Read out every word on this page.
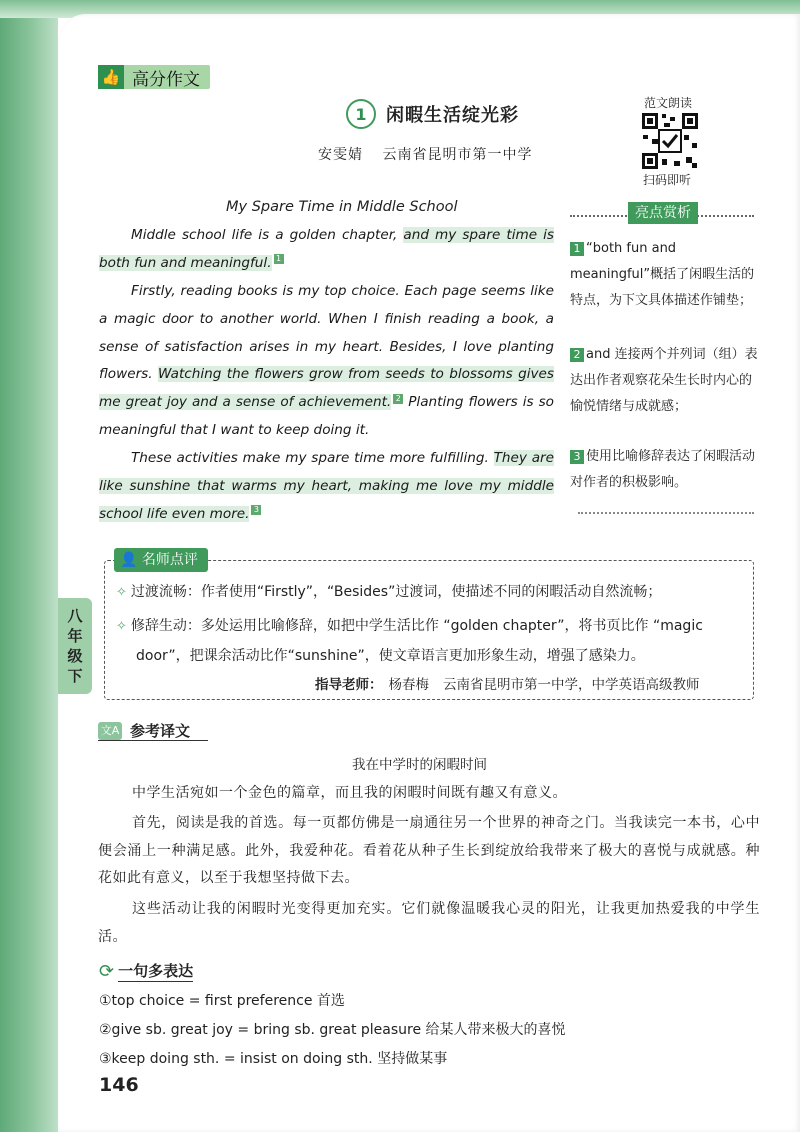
👍 高分作文
1	闲暇生活绽光彩
安雯婧 云南省昆明市第一中学
范文朗读
扫码即听
My Spare Time in Middle School
Middle school life is a golden chapter, and my spare time is both fun and meaningful. 1
Firstly, reading books is my top choice. Each page seems like a magic door to another world. When I finish reading a book, a sense of satisfaction arises in my heart. Besides, I love planting flowers. Watching the flowers grow from seeds to blossoms gives me great joy and a sense of achievement. 2 Planting flowers is so meaningful that I want to keep doing it.
These activities make my spare time more fulfilling. They are like sunshine that warms my heart, making me love my middle school life even more. 3
亮点赏析
1 “both fun and meaningful”概括了闲暇生活的特点，为下文具体描述作铺垫；
2 and 连接两个并列词（组）表达出作者观察花朵生长时内心的愉悦情绪与成就感；
3 使用比喻修辞表达了闲暇活动对作者的积极影响。
👤 名师点评
✧ 过渡流畅：作者使用“Firstly”，“Besides”过渡词，使描述不同的闲暇活动自然流畅；
✧ 修辞生动：多处运用比喻修辞，如把中学生活比作 “golden chapter”，将书页比作 “magic
door”，把课余活动比作“sunshine”，使文章语言更加形象生动，增强了感染力。
指导老师： 杨春梅 云南省昆明市第一中学，中学英语高级教师
八
年
级
下
文A 参考译文
我在中学时的闲暇时间
中学生活宛如一个金色的篇章，而且我的闲暇时间既有趣又有意义。
首先，阅读是我的首选。每一页都仿佛是一扇通往另一个世界的神奇之门。当我读完一本书，心中便会涌上一种满足感。此外，我爱种花。看着花从种子生长到绽放给我带来了极大的喜悦与成就感。种花如此有意义，以至于我想坚持做下去。
这些活动让我的闲暇时光变得更加充实。它们就像温暖我心灵的阳光，让我更加热爱我的中学生活。
⟳ 一句多表达
①top choice = first preference 首选
②give sb. great joy = bring sb. great pleasure 给某人带来极大的喜悦
③keep doing sth. = insist on doing sth. 坚持做某事
146
